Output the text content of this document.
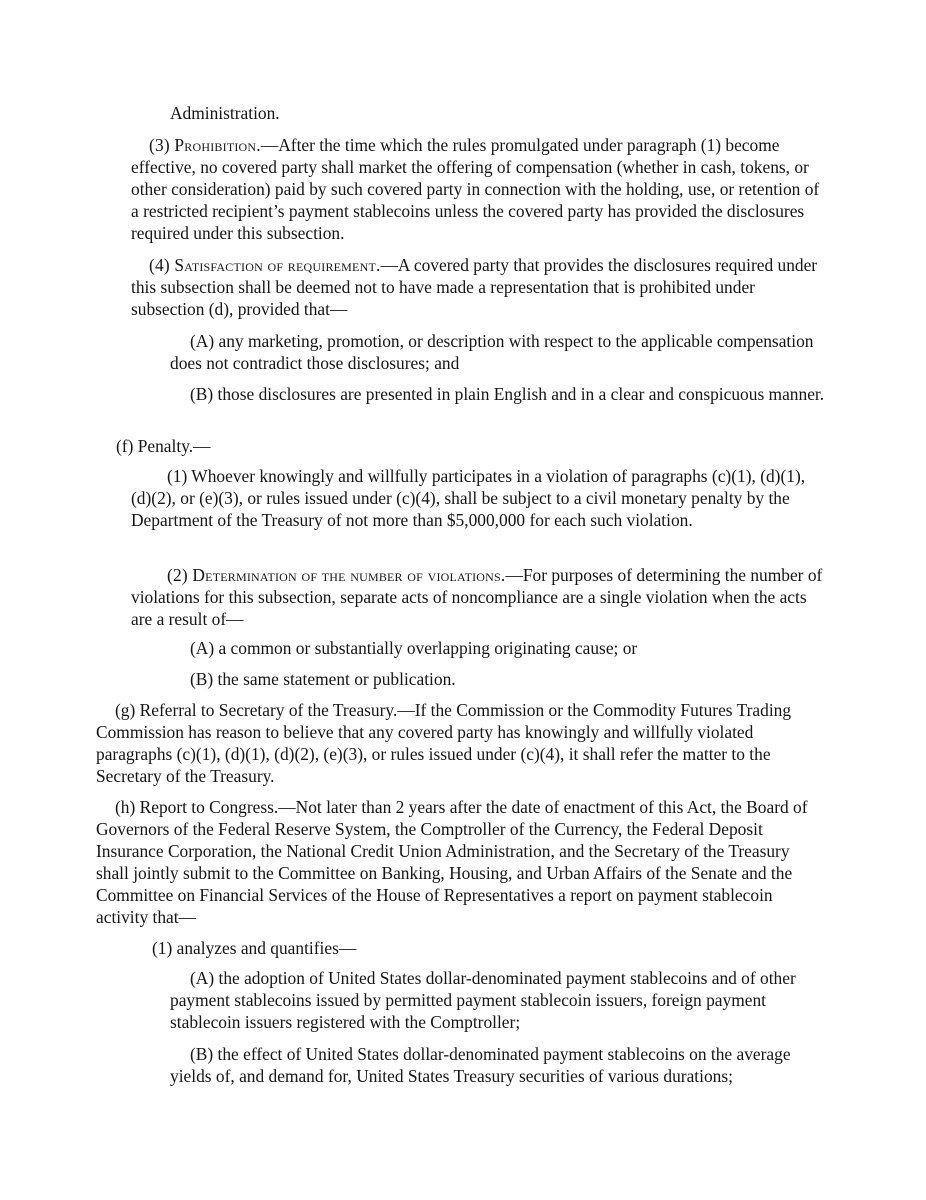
Administration.

(3) Prohibition.—After the time which the rules promulgated under paragraph (1) become effective, no covered party shall market the offering of compensation (whether in cash, tokens, or other consideration) paid by such covered party in connection with the holding, use, or retention of a restricted recipient’s payment stablecoins unless the covered party has provided the disclosures required under this subsection.

(4) Satisfaction of requirement.—A covered party that provides the disclosures required under this subsection shall be deemed not to have made a representation that is prohibited under subsection (d), provided that—

(A) any marketing, promotion, or description with respect to the applicable compensation does not contradict those disclosures; and

(B) those disclosures are presented in plain English and in a clear and conspicuous manner.

(f) Penalty.—

(1) Whoever knowingly and willfully participates in a violation of paragraphs (c)(1), (d)(1), (d)(2), or (e)(3), or rules issued under (c)(4), shall be subject to a civil monetary penalty by the Department of the Treasury of not more than $5,000,000 for each such violation.

(2) Determination of the number of violations.—For purposes of determining the number of violations for this subsection, separate acts of noncompliance are a single violation when the acts are a result of—

(A) a common or substantially overlapping originating cause; or

(B) the same statement or publication.

(g) Referral to Secretary of the Treasury.—If the Commission or the Commodity Futures Trading Commission has reason to believe that any covered party has knowingly and willfully violated paragraphs (c)(1), (d)(1), (d)(2), (e)(3), or rules issued under (c)(4), it shall refer the matter to the Secretary of the Treasury.

(h) Report to Congress.—Not later than 2 years after the date of enactment of this Act, the Board of Governors of the Federal Reserve System, the Comptroller of the Currency, the Federal Deposit Insurance Corporation, the National Credit Union Administration, and the Secretary of the Treasury shall jointly submit to the Committee on Banking, Housing, and Urban Affairs of the Senate and the Committee on Financial Services of the House of Representatives a report on payment stablecoin activity that—

(1) analyzes and quantifies—

(A) the adoption of United States dollar-denominated payment stablecoins and of other payment stablecoins issued by permitted payment stablecoin issuers, foreign payment stablecoin issuers registered with the Comptroller;

(B) the effect of United States dollar-denominated payment stablecoins on the average yields of, and demand for, United States Treasury securities of various durations;
